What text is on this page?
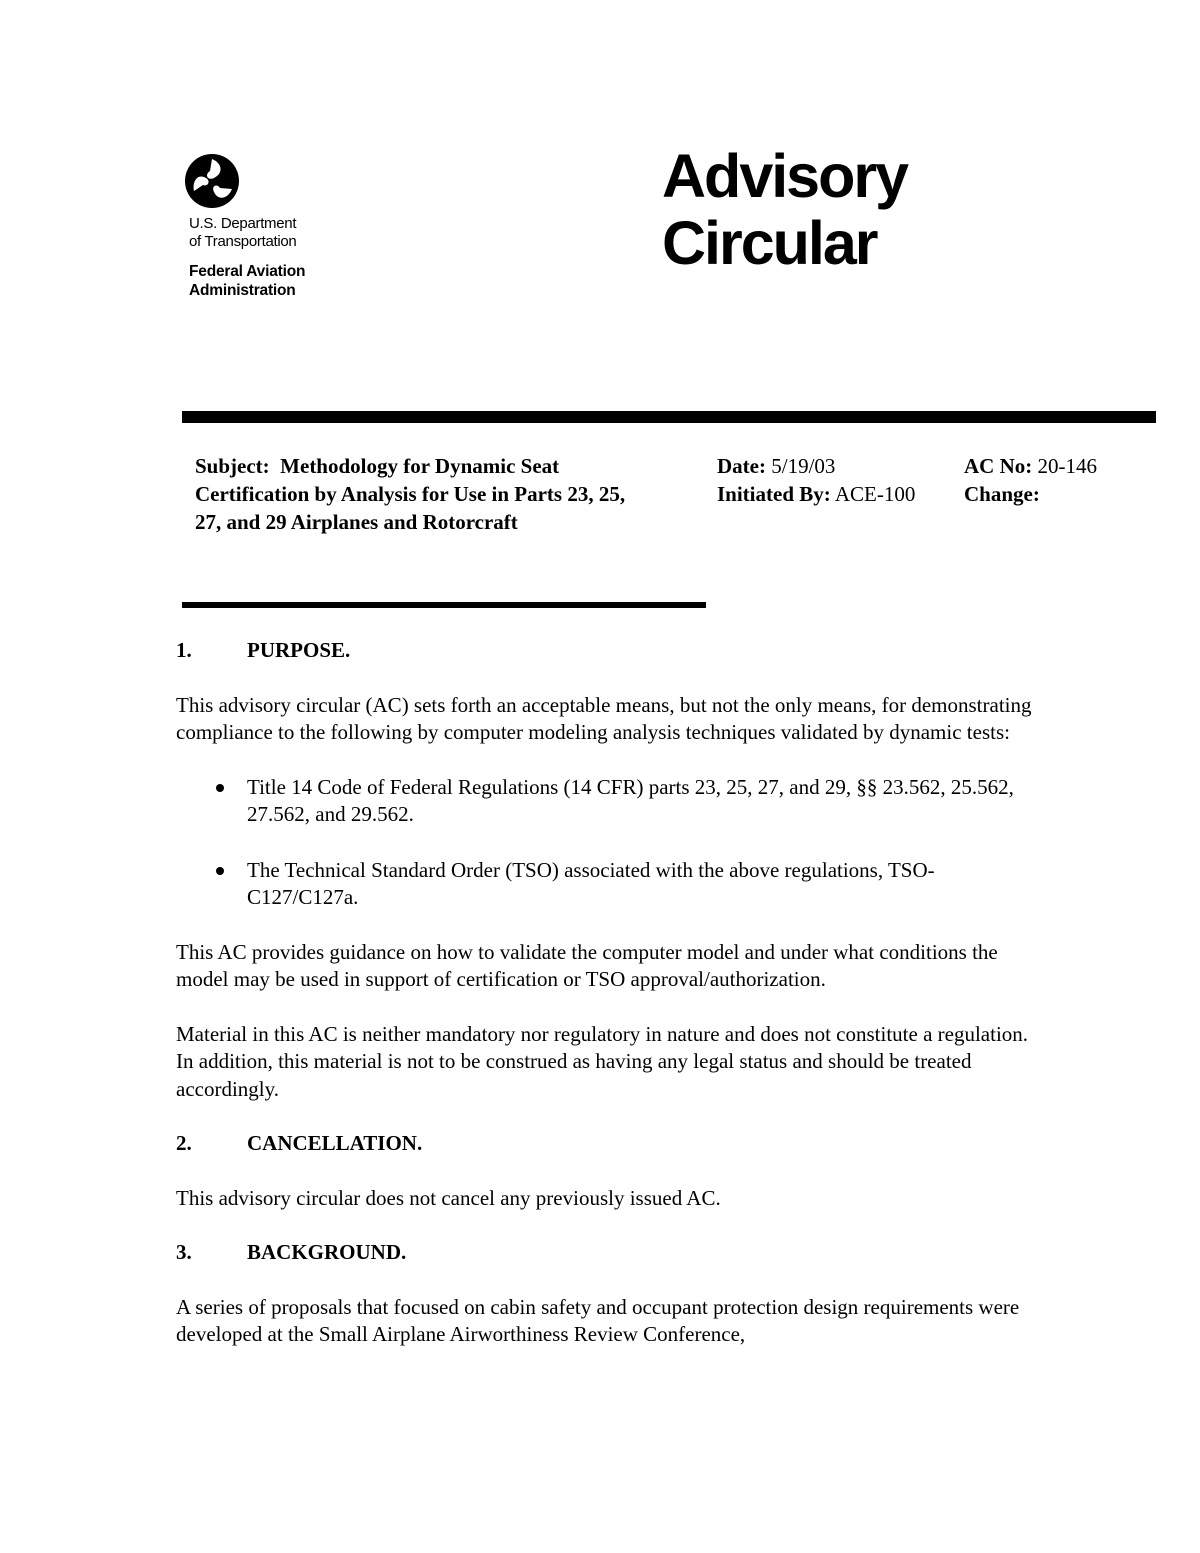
U.S. Department
of Transportation
Federal Aviation
Administration
Advisory
Circular
Subject: Methodology for Dynamic Seat
Certification by Analysis for Use in Parts 23, 25,
27, and 29 Airplanes and Rotorcraft
Date: 5/19/03
Initiated By: ACE-100
AC No: 20-146
Change:
1.	PURPOSE.

This advisory circular (AC) sets forth an acceptable means, but not the only means, for demonstrating compliance to the following by computer modeling analysis techniques validated by dynamic tests:

Title 14 Code of Federal Regulations (14 CFR) parts 23, 25, 27, and 29, §§ 23.562, 25.562, 27.562, and 29.562.
The Technical Standard Order (TSO) associated with the above regulations, TSO-C127/C127a.

This AC provides guidance on how to validate the computer model and under what conditions the model may be used in support of certification or TSO approval/authorization.

Material in this AC is neither mandatory nor regulatory in nature and does not constitute a regulation. In addition, this material is not to be construed as having any legal status and should be treated accordingly.

2.	CANCELLATION.

This advisory circular does not cancel any previously issued AC.

3.	BACKGROUND.

A series of proposals that focused on cabin safety and occupant protection design requirements were developed at the Small Airplane Airworthiness Review Conference,
